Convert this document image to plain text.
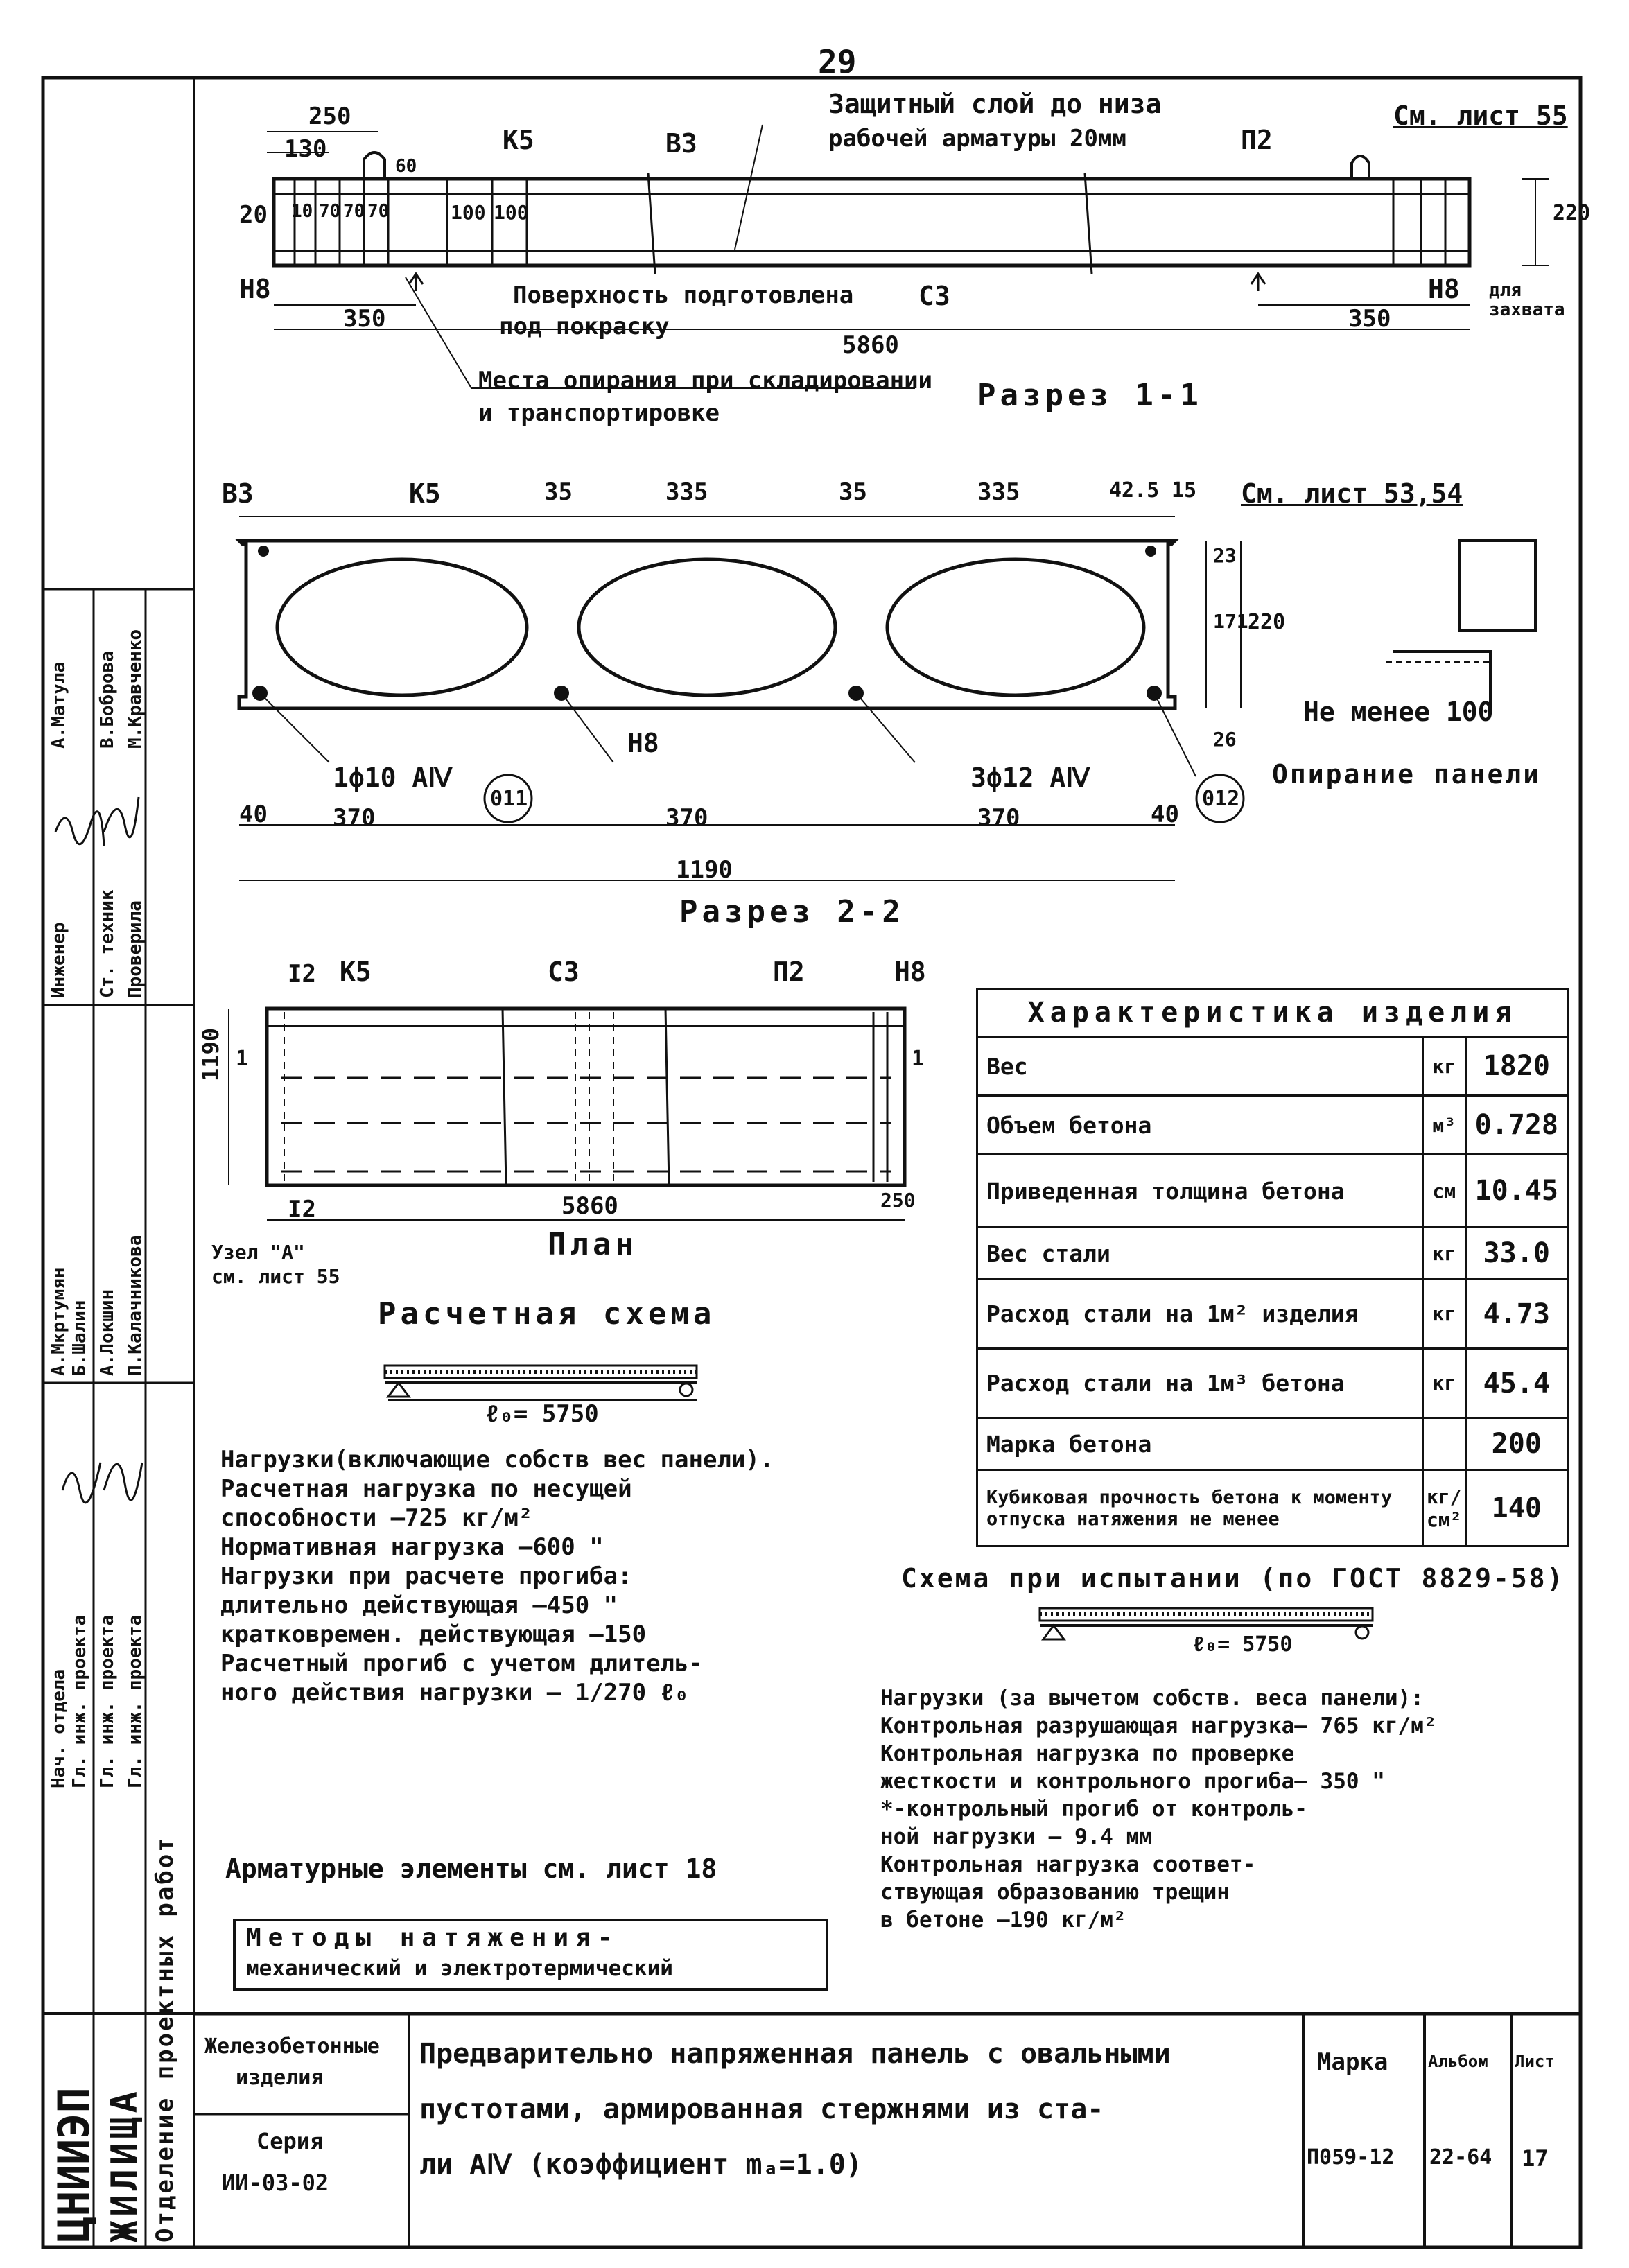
29
Защитный слой до низа
рабочей арматуры 20мм
См. лист 55
К5	В3	П2
250
130
20 10 70 70 70
60
100 100
Н8
350
Поверхность подготовлена
под покраску
С3
350
Н8 для захвата
5860
220
Места опирания при складировании
и транспортировке	Разрез 1-1
В3	К5	35	335	35	335	42.5 15 См. лист 53,54
23
171 220
26
Не менее 100
Опирание панели
Н8
1ф10 АⅣ	3ф12 АⅣ
011	012
40	370	370	370	40
1190
Разрез 2-2
I2 К5	С3	П2	Н8
1	1
1190
I2	5860	250
План
Узел "А"
см. лист 55
Характеристика изделия		
Вес	кг	1820
Объем бетона	м³	0.728
Приведенная толщина бетона	см	10.45
Вес стали	кг	33.0
Расход стали на 1м² изделия	кг	4.73
Расход стали на 1м³ бетона	кг	45.4
Марка бетона		200
Кубиковая прочность бетона к моменту отпуска натяжения не менее	кг/см²	140
Расчетная схема
ℓ₀= 5750
Нагрузки(включающие собств вес панели).
Расчетная нагрузка по несущей
способности —725 кг/м²
Нормативная нагрузка —600 "
Нагрузки при расчете прогиба:
длительно действующая —450 "
кратковремен. действующая —150
Расчетный прогиб с учетом длитель-
ного действия нагрузки — 1/270 ℓ₀
Схема при испытании (по ГОСТ 8829-58)
ℓ₀= 5750
Нагрузки (за вычетом собств. веса панели):
Контрольная разрушающая нагрузка— 765 кг/м²
Контрольная нагрузка по проверке
жесткости и контрольного прогиба— 350 "
*-контрольный прогиб от контроль-
ной нагрузки — 9.4 мм
Контрольная нагрузка соответ-
ствующая образованию трещин
в бетоне —190 кг/м²
Арматурные элементы см. лист 18
Методы натяжения-
механический и электротермический
Железобетонные
изделия
Серия
ИИ-03-02
Предварительно напряженная панель с овальными
пустотами, армированная стержнями из ста-
ли АⅣ (коэффициент mₐ=1.0)
Марка
П059-12
Альбом
22-64
Лист
17
ЦНИИЭП ЖИЛИЩА Отделение проектных работ
Нач. отдела Гл. инж. проекта Гл. инж. проекта Гл. инж. проекта
А.Мкртумян Б.Шалин А.Локшин П.Калачникова
Инженер Ст. техник Проверила
А.Матула В.Боброва М.Кравченко
